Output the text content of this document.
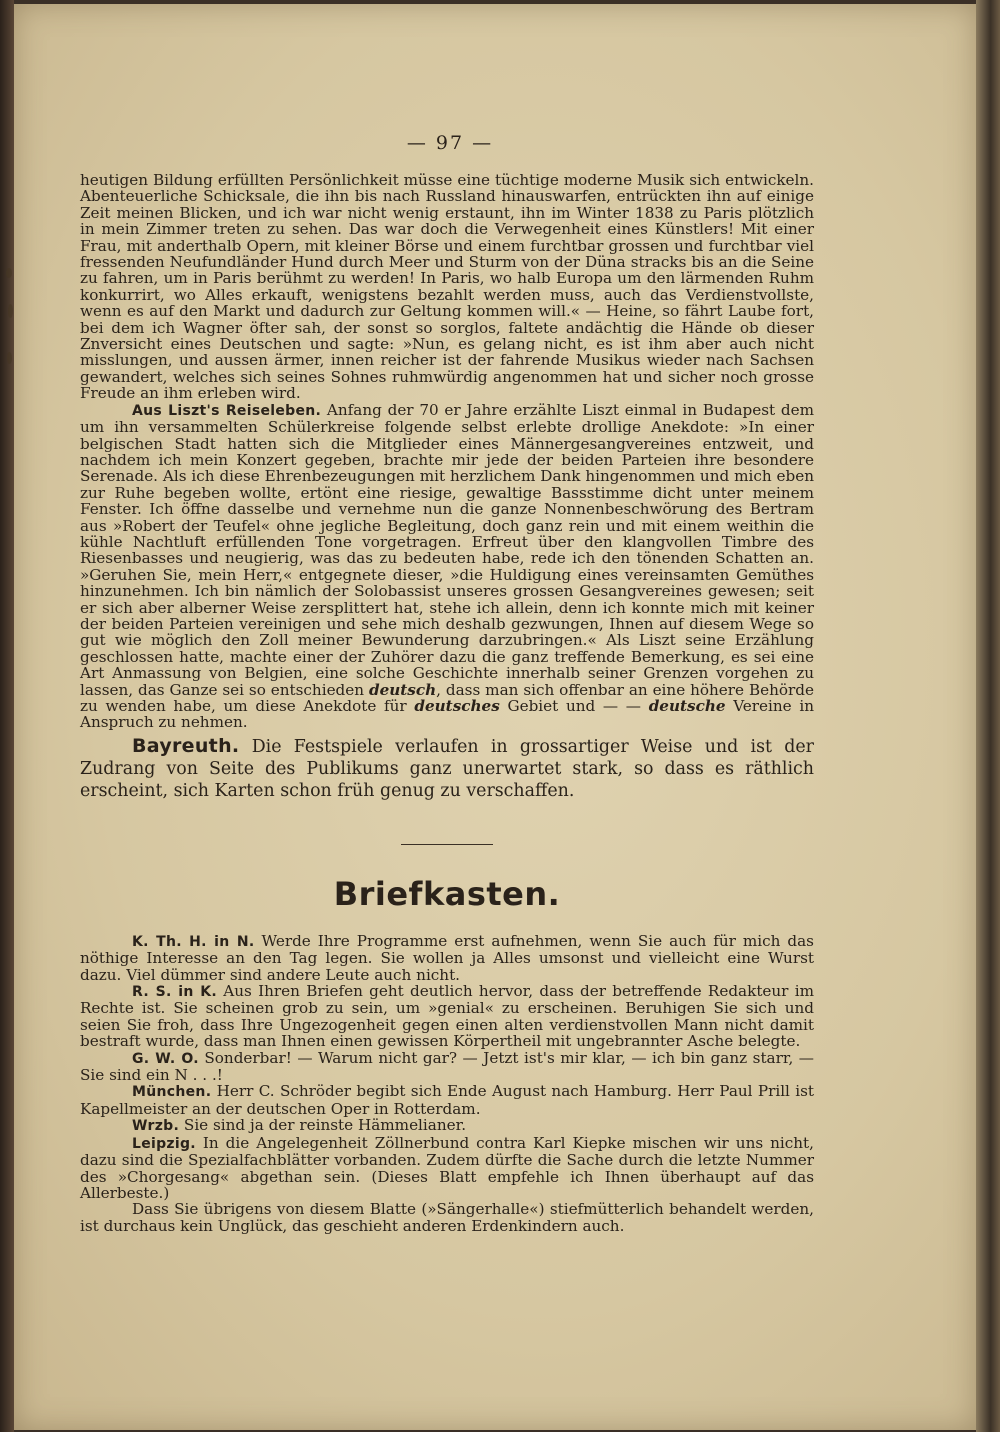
— 97 —

heutigen Bildung erfüllten Persönlichkeit müsse eine tüchtige moderne Musik sich entwickeln. Abenteuerliche Schicksale, die ihn bis nach Russland hinauswarfen, entrückten ihn auf einige Zeit meinen Blicken, und ich war nicht wenig erstaunt, ihn im Winter 1838 zu Paris plötzlich in mein Zimmer treten zu sehen. Das war doch die Verwegenheit eines Künstlers! Mit einer Frau, mit anderthalb Opern, mit kleiner Börse und einem furchtbar grossen und furchtbar viel fressenden Neufundländer Hund durch Meer und Sturm von der Düna stracks bis an die Seine zu fahren, um in Paris berühmt zu werden! In Paris, wo halb Europa um den lärmenden Ruhm konkurrirt, wo Alles erkauft, wenigstens bezahlt werden muss, auch das Verdienstvollste, wenn es auf den Markt und dadurch zur Geltung kommen will.« — Heine, so fährt Laube fort, bei dem ich Wagner öfter sah, der sonst so sorglos, faltete andächtig die Hände ob dieser Znversicht eines Deutschen und sagte: »Nun, es gelang nicht, es ist ihm aber auch nicht misslungen, und aussen ärmer, innen reicher ist der fahrende Musikus wieder nach Sachsen gewandert, welches sich seines Sohnes ruhmwürdig angenommen hat und sicher noch grosse Freude an ihm erleben wird.

Aus Liszt's Reiseleben. Anfang der 70 er Jahre erzählte Liszt einmal in Budapest dem um ihn versammelten Schülerkreise folgende selbst erlebte drollige Anekdote: »In einer belgischen Stadt hatten sich die Mitglieder eines Männergesangvereines entzweit, und nachdem ich mein Konzert gegeben, brachte mir jede der beiden Parteien ihre besondere Serenade. Als ich diese Ehrenbezeugungen mit herzlichem Dank hingenommen und mich eben zur Ruhe begeben wollte, ertönt eine riesige, gewaltige Bassstimme dicht unter meinem Fenster. Ich öffne dasselbe und vernehme nun die ganze Nonnenbeschwörung des Bertram aus »Robert der Teufel« ohne jegliche Begleitung, doch ganz rein und mit einem weithin die kühle Nachtluft erfüllenden Tone vorgetragen. Erfreut über den klangvollen Timbre des Riesenbasses und neugierig, was das zu bedeuten habe, rede ich den tönenden Schatten an. »Geruhen Sie, mein Herr,« entgegnete dieser, »die Huldigung eines vereinsamten Gemüthes hinzunehmen. Ich bin nämlich der Solobassist unseres grossen Gesangvereines gewesen; seit er sich aber alberner Weise zersplittert hat, stehe ich allein, denn ich konnte mich mit keiner der beiden Parteien vereinigen und sehe mich deshalb gezwungen, Ihnen auf diesem Wege so gut wie möglich den Zoll meiner Bewunderung darzubringen.« Als Liszt seine Erzählung geschlossen hatte, machte einer der Zuhörer dazu die ganz treffende Bemerkung, es sei eine Art Anmassung von Belgien, eine solche Geschichte innerhalb seiner Grenzen vorgehen zu lassen, das Ganze sei so entschieden deutsch, dass man sich offenbar an eine höhere Behörde zu wenden habe, um diese Anekdote für deutsches Gebiet und — — deutsche Vereine in Anspruch zu nehmen.

Bayreuth. Die Festspiele verlaufen in grossartiger Weise und ist der Zudrang von Seite des Publikums ganz unerwartet stark, so dass es räthlich erscheint, sich Karten schon früh genug zu verschaffen.

Briefkasten.

K. Th. H. in N. Werde Ihre Programme erst aufnehmen, wenn Sie auch für mich das nöthige Interesse an den Tag legen. Sie wollen ja Alles umsonst und vielleicht eine Wurst dazu. Viel dümmer sind andere Leute auch nicht.

R. S. in K. Aus Ihren Briefen geht deutlich hervor, dass der betreffende Redakteur im Rechte ist. Sie scheinen grob zu sein, um »genial« zu erscheinen. Beruhigen Sie sich und seien Sie froh, dass Ihre Ungezogenheit gegen einen alten verdienstvollen Mann nicht damit bestraft wurde, dass man Ihnen einen gewissen Körpertheil mit ungebrannter Asche belegte.

G. W. O. Sonderbar! — Warum nicht gar? — Jetzt ist's mir klar, — ich bin ganz starr, — Sie sind ein N . . .!

München. Herr C. Schröder begibt sich Ende August nach Hamburg. Herr Paul Prill ist Kapellmeister an der deutschen Oper in Rotterdam.

Wrzb. Sie sind ja der reinste Hämmelianer.

Leipzig. In die Angelegenheit Zöllnerbund contra Karl Kiepke mischen wir uns nicht, dazu sind die Spezialfachblätter vorbanden. Zudem dürfte die Sache durch die letzte Nummer des »Chorgesang« abgethan sein. (Dieses Blatt empfehle ich Ihnen überhaupt auf das Allerbeste.)

Dass Sie übrigens von diesem Blatte (»Sängerhalle«) stiefmütterlich behandelt werden, ist durchaus kein Unglück, das geschieht anderen Erdenkindern auch.
